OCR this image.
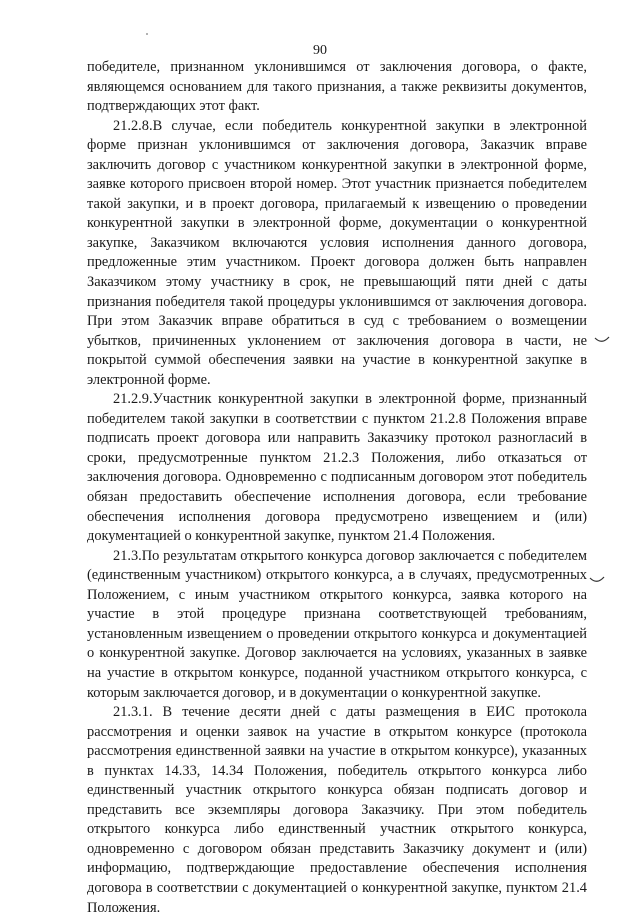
90

победителе, признанном уклонившимся от заключения договора, о факте, являющемся основанием для такого признания, а также реквизиты документов, подтверждающих этот факт.

21.2.8.В случае, если победитель конкурентной закупки в электронной форме признан уклонившимся от заключения договора, Заказчик вправе заключить договор с участником конкурентной закупки в электронной форме, заявке которого присвоен второй номер. Этот участник признается победителем такой закупки, и в проект договора, прилагаемый к извещению о проведении конкурентной закупки в электронной форме, документации о конкурентной закупке, Заказчиком включаются условия исполнения данного договора, предложенные этим участником. Проект договора должен быть направлен Заказчиком этому участнику в срок, не превышающий пяти дней с даты признания победителя такой процедуры уклонившимся от заключения договора. При этом Заказчик вправе обратиться в суд с требованием о возмещении убытков, причиненных уклонением от заключения договора в части, не покрытой суммой обеспечения заявки на участие в конкурентной закупке в электронной форме.

21.2.9.Участник конкурентной закупки в электронной форме, признанный победителем такой закупки в соответствии с пунктом 21.2.8 Положения вправе подписать проект договора или направить Заказчику протокол разногласий в сроки, предусмотренные пунктом 21.2.3 Положения, либо отказаться от заключения договора. Одновременно с подписанным договором этот победитель обязан предоставить обеспечение исполнения договора, если требование обеспечения исполнения договора предусмотрено извещением и (или) документацией о конкурентной закупке, пунктом 21.4 Положения.

21.3.По результатам открытого конкурса договор заключается с победителем (единственным участником) открытого конкурса, а в случаях, предусмотренных Положением, с иным участником открытого конкурса, заявка которого на участие в этой процедуре признана соответствующей требованиям, установленным извещением о проведении открытого конкурса и документацией о конкурентной закупке. Договор заключается на условиях, указанных в заявке на участие в открытом конкурсе, поданной участником открытого конкурса, с которым заключается договор, и в документации о конкурентной закупке.

21.3.1. В течение десяти дней с даты размещения в ЕИС протокола рассмотрения и оценки заявок на участие в открытом конкурсе (протокола рассмотрения единственной заявки на участие в открытом конкурсе), указанных в пунктах 14.33, 14.34 Положения, победитель открытого конкурса либо единственный участник открытого конкурса обязан подписать договор и представить все экземпляры договора Заказчику. При этом победитель открытого конкурса либо единственный участник открытого конкурса, одновременно с договором обязан представить Заказчику документ и (или) информацию, подтверждающие предоставление обеспечения исполнения договора в соответствии с документацией о конкурентной закупке, пунктом 21.4 Положения.
